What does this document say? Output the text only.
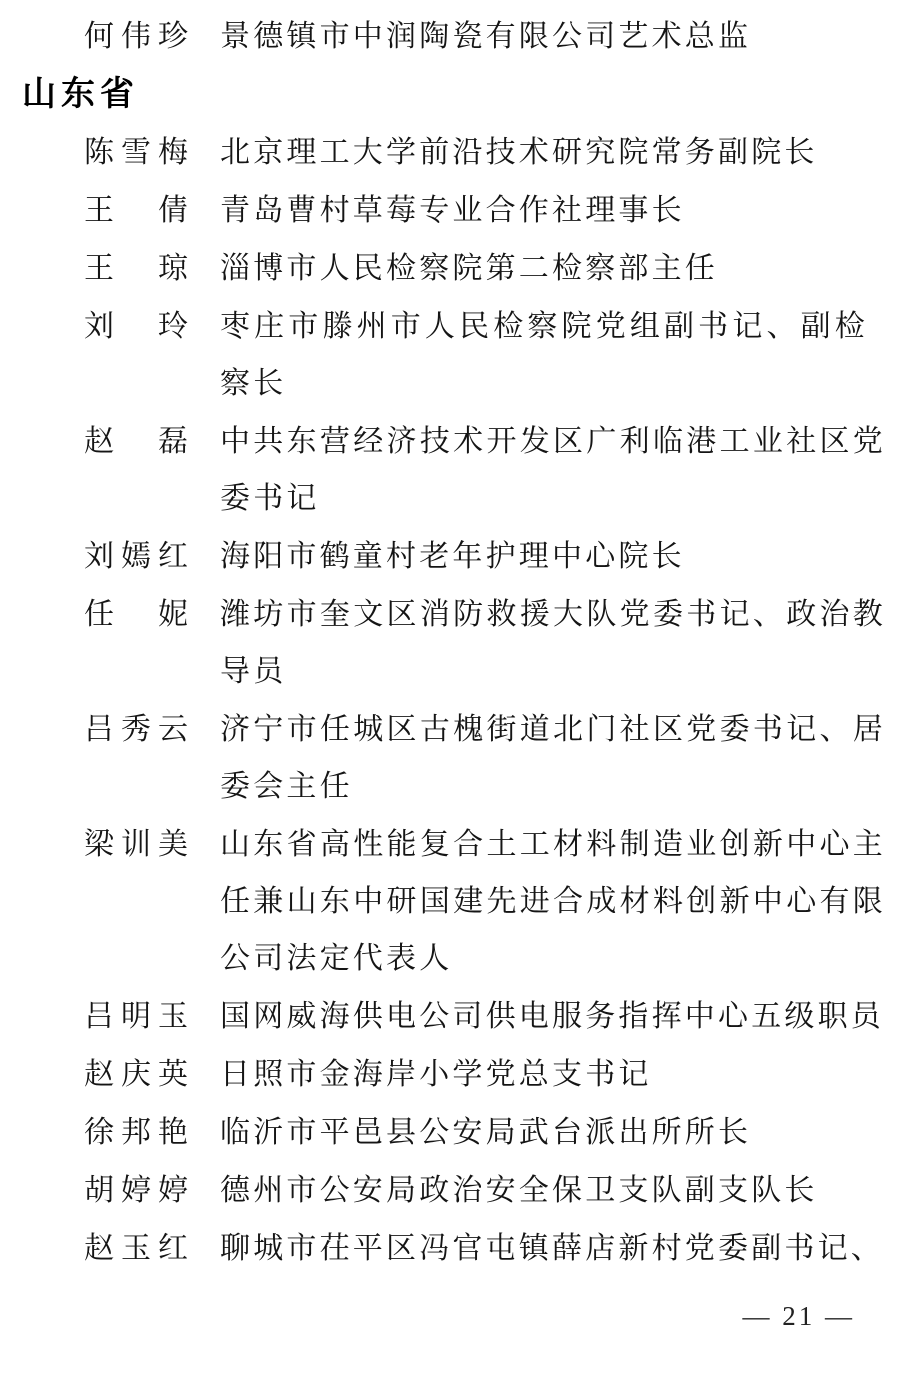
何 伟 珍 景德镇市中润陶瓷有限公司艺术总监
山东省
陈 雪 梅 北京理工大学前沿技术研究院常务副院长
王 倩 青岛曹村草莓专业合作社理事长
王 琼 淄博市人民检察院第二检察部主任
刘 玲 枣庄市滕州市人民检察院党组副书记、副检察长
赵 磊 中共东营经济技术开发区广利临港工业社区党委书记
刘 嫣 红 海阳市鹤童村老年护理中心院长
任 妮 潍坊市奎文区消防救援大队党委书记、政治教导员
吕 秀 云 济宁市任城区古槐街道北门社区党委书记、居委会主任
梁 训 美 山东省高性能复合土工材料制造业创新中心主任兼山东中研国建先进合成材料创新中心有限公司法定代表人
吕 明 玉 国网威海供电公司供电服务指挥中心五级职员
赵 庆 英 日照市金海岸小学党总支书记
徐 邦 艳 临沂市平邑县公安局武台派出所所长
胡 婷 婷 德州市公安局政治安全保卫支队副支队长
赵 玉 红 聊城市茌平区冯官屯镇薛店新村党委副书记、
— 21 —
